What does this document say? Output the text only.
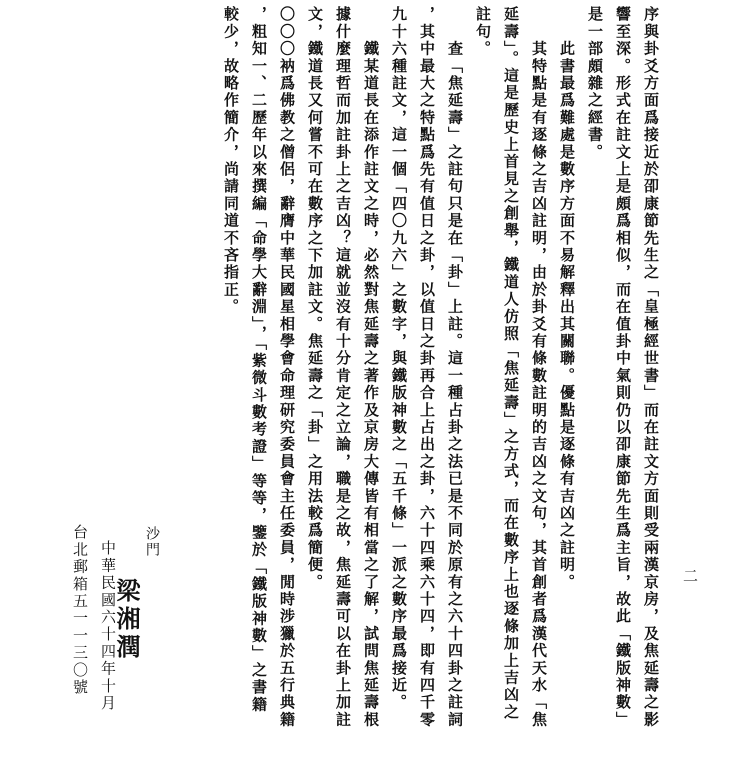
二
序與卦爻方面爲接近於卲康節先生之「皇極經世書」而在註文方面則受兩漢京房，及焦延壽之影
響至深。形式在註文上是頗爲相似，而在值卦中氣則仍以卲康節先生爲主旨，故此「鐵版神數」
是一部頗雜之經書。
　　此書最爲難處是數序方面不易解釋出其關聯。優點是逐條有吉凶之註明。
　　其特點是有逐條之吉凶註明，由於卦爻有條數註明的吉凶之文句，其首創者爲漢代天水「焦
延壽」。這是歷史上首見之創舉，鐵道人仿照「焦延壽」之方式，而在數序上也逐條加上吉凶之
註句。
　　查「焦延壽」之註句只是在「卦」上註。這一種占卦之法已是不同於原有之六十四卦之註詞
，其中最大之特點爲先有值日之卦，以值日之卦再合上占出之卦，六十四乘六十四，即有四千零
九十六種註文，這一個「四〇九六」之數字，與鐵版神數之「五千條」一派之數序最爲接近。
　　鐵某道長在添作註文之時，必然對焦延壽之著作及京房大傳皆有相當之了解，試問焦延壽根
據什麼理哲而加註卦上之吉凶？這就並沒有十分肯定之立論，職是之故，焦延壽可以在卦上加註
文，鐵道長又何嘗不可在數序之下加註文。焦延壽之「卦」之用法較爲簡便。
〇〇〇衲爲佛教之僧侶，辭膺中華民國星相學會命理研究委員會主任委員，閒時涉獵於五行典籍
，粗知一、二歷年以來撰編「命學大辭淵」，「紫微斗數考證」等等，鑒於「鐵版神數」之書籍
較少，故略作簡介，尚請同道不吝指正。
沙門
梁湘潤
中華民國六十四年十月
台北郵箱五一一三〇號
